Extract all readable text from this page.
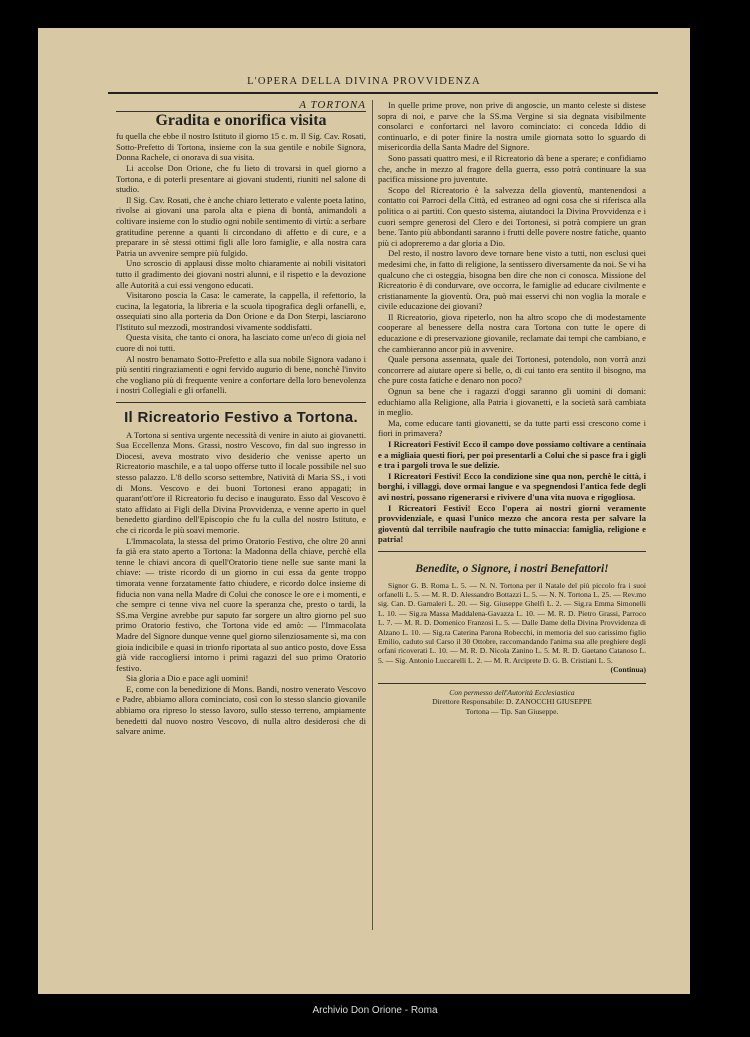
L'OPERA DELLA DIVINA PROVVIDENZA
A TORTONA
Gradita e onorifica visita

fu quella che ebbe il nostro Istituto il giorno 15 c. m. Il Sig. Cav. Rosati, Sotto-Prefetto di Tortona, insieme con la sua gentile e nobile Signora, Donna Rachele, ci onorava di sua visita.

Li accolse Don Orione, che fu lieto di trovarsi in quel giorno a Tortona, e di poterli presentare ai giovani studenti, riuniti nel salone di studio.

Il Sig. Cav. Rosati, che è anche chiaro letterato e valente poeta latino, rivolse ai giovani una parola alta e piena di bontà, animandoli a coltivare insieme con lo studio ogni nobile sentimento di virtù: a serbare gratitudine perenne a quanti li circondano di affetto e di cure, e a preparare in sè stessi ottimi figli alle loro famiglie, e alla nostra cara Patria un avvenire sempre più fulgido.

Uno scroscio di applausi disse molto chiaramente ai nobili visitatori tutto il gradimento dei giovani nostri alunni, e il rispetto e la devozione alle Autorità a cui essi vengono educati.

Visitarono poscia la Casa: le camerate, la cappella, il refettorio, la cucina, la legatoria, la libreria e la scuola tipografica degli orfanelli, e, ossequiati sino alla porteria da Don Orione e da Don Sterpi, lasciarono l'Istituto sul mezzodì, mostrandosi vivamente soddisfatti.

Questa visita, che tanto ci onora, ha lasciato come un'eco di gioia nel cuore di noi tutti.

Al nostro benamato Sotto-Prefetto e alla sua nobile Signora vadano i più sentiti ringraziamenti e ogni fervido augurio di bene, nonchè l'invito che vogliano più di frequente venire a confortare della loro benevolenza i nostri Collegiali e gli orfanelli.

Il Ricreatorio Festivo a Tortona.

A Tortona si sentiva urgente necessità di venire in aiuto ai giovanetti. Sua Eccellenza Mons. Grassi, nostro Vescovo, fin dal suo ingresso in Diocesi, aveva mostrato vivo desiderio che venisse aperto un Ricreatorio maschile, e a tal uopo offerse tutto il locale possibile nel suo stesso palazzo. L'8 dello scorso settembre, Natività di Maria SS., i voti di Mons. Vescovo e dei buoni Tortonesi erano appagati; in quarant'ott'ore il Ricreatorio fu deciso e inaugurato. Esso dal Vescovo è stato affidato ai Figli della Divina Provvidenza, e venne aperto in quel benedetto giardino dell'Episcopio che fu la culla del nostro Istituto, e che ci ricorda le più soavi memorie.

L'Immacolata, la stessa del primo Oratorio Festivo, che oltre 20 anni fa già era stato aperto a Tortona: la Madonna della chiave, perchè ella tenne le chiavi ancora di quell'Oratorio tiene nelle sue sante mani la chiave: — triste ricordo di un giorno in cui essa da gente troppo timorata venne forzatamente fatto chiudere, e ricordo dolce insieme di fiducia non vana nella Madre di Colui che conosce le ore e i momenti, e che sempre ci tenne viva nel cuore la speranza che, presto o tardi, la SS.ma Vergine avrebbe pur saputo far sorgere un altro giorno pel suo primo Oratorio festivo, che Tortona vide ed amò: — l'Immacolata Madre del Signore dunque venne quel giorno silenziosamente sì, ma con gioia indicibile e quasi in trionfo riportata al suo antico posto, dove Essa già vide raccogliersi intorno i primi ragazzi del suo primo Oratorio festivo.

Sia gloria a Dio e pace agli uomini!

E, come con la benedizione di Mons. Bandi, nostro venerato Vescovo e Padre, abbiamo allora cominciato, così con lo stesso slancio giovanile abbiamo ora ripreso lo stesso lavoro, sullo stesso terreno, ampiamente benedetti dal nuovo nostro Vescovo, di nulla altro desiderosi che di salvare anime.

In quelle prime prove, non prive di angoscie, un manto celeste si distese sopra di noi, e parve che la SS.ma Vergine si sia degnata visibilmente consolarci e confortarci nel lavoro cominciato: ci conceda Iddio di continuarlo, e di poter finire la nostra umile giornata sotto lo sguardo di misericordia della Santa Madre del Signore.

Sono passati quattro mesi, e il Ricreatorio dà bene a sperare; e confidiamo che, anche in mezzo al fragore della guerra, esso potrà continuare la sua pacifica missione pro juventute.

Scopo del Ricreatorio è la salvezza della gioventù, mantenendosi a contatto coi Parroci della Città, ed estraneo ad ogni cosa che si riferisca alla politica o ai partiti. Con questo sistema, aiutandoci la Divina Provvidenza e i cuori sempre generosi del Clero e dei Tortonesi, si potrà compiere un gran bene. Tanto più abbondanti saranno i frutti delle povere nostre fatiche, quanto più ci adopreremo a dar gloria a Dio.

Del resto, il nostro lavoro deve tornare bene visto a tutti, non esclusi quei medesimi che, in fatto di religione, la sentissero diversamente da noi. Se vi ha qualcuno che ci osteggia, bisogna ben dire che non ci conosca. Missione del Ricreatorio è di condurvare, ove occorra, le famiglie ad educare civilmente e cristianamente la gioventù. Ora, può mai esservi chi non voglia la morale e civile educazione dei giovani?

Il Ricreatorio, giova ripeterlo, non ha altro scopo che di modestamente cooperare al benessere della nostra cara Tortona con tutte le opere di educazione e di preservazione giovanile, reclamate dai tempi che cambiano, e che cambieranno ancor più in avvenire.

Quale persona assennata, quale dei Tortonesi, potendolo, non vorrà anzi concorrere ad aiutare opere sì belle, o, di cui tanto era sentito il bisogno, ma che pure costa fatiche e denaro non poco?

Ognun sa bene che i ragazzi d'oggi saranno gli uomini di domani: educhiamo alla Religione, alla Patria i giovanetti, e la società sarà cambiata in meglio.

Ma, come educare tanti giovanetti, se da tutte parti essi crescono come i fiori in primavera?

I Ricreatori Festivi! Ecco il campo dove possiamo coltivare a centinaia e a migliaia questi fiori, per poi presentarli a Colui che si pasce fra i gigli e tra i pargoli trova le sue delizie.

I Ricreatori Festivi! Ecco la condizione sine qua non, perchè le città, i borghi, i villaggi, dove ormai langue e va spegnendosi l'antica fede degli avi nostri, possano rigenerarsi e rivivere d'una vita nuova e rigogliosa.

I Ricreatori Festivi! Ecco l'opera ai nostri giorni veramente provvidenziale, e quasi l'unico mezzo che ancora resta per salvare la gioventù dal terribile naufragio che tutto minaccia: famiglia, religione e patria!

Benedite, o Signore, i nostri Benefattori!

Signor G. B. Roma L. 5. — N. N. Tortona per il Natale del più piccolo fra i suoi orfanelli L. 5. — M. R. D. Alessandro Bottazzi L. 5. — N. N. Tortona L. 25. — Rev.mo sig. Can. D. Garnaleri L. 20. — Sig. Giuseppe Ghelfi L. 2. — Sig.ra Emma Simonelli L. 10. — Sig.ra Massa Maddalena-Gavazza L. 10. — M. R. D. Pietro Grassi, Parroco L. 7. — M. R. D. Domenico Franzosi L. 5. — Dalle Dame della Divina Provvidenza di Alzano L. 10. — Sig.ra Caterina Parona Robecchi, in memoria del suo carissimo figlio Emilio, caduto sul Carso il 30 Ottobre, raccomandando l'anima sua alle preghiere degli orfani ricoverati L. 10. — M. R. D. Nicola Zanino L. 5. M. R. D. Gaetano Catanoso L. 5. — Sig. Antonio Luccarelli L. 2. — M. R. Arciprete D. G. B. Cristiani L. 5.

(Continua)
Con permesso dell'Autorità Ecclesiastica
Direttore Responsabile: D. ZANOCCHI GIUSEPPE
Tortona — Tip. San Giuseppe.
Archivio Don Orione - Roma
